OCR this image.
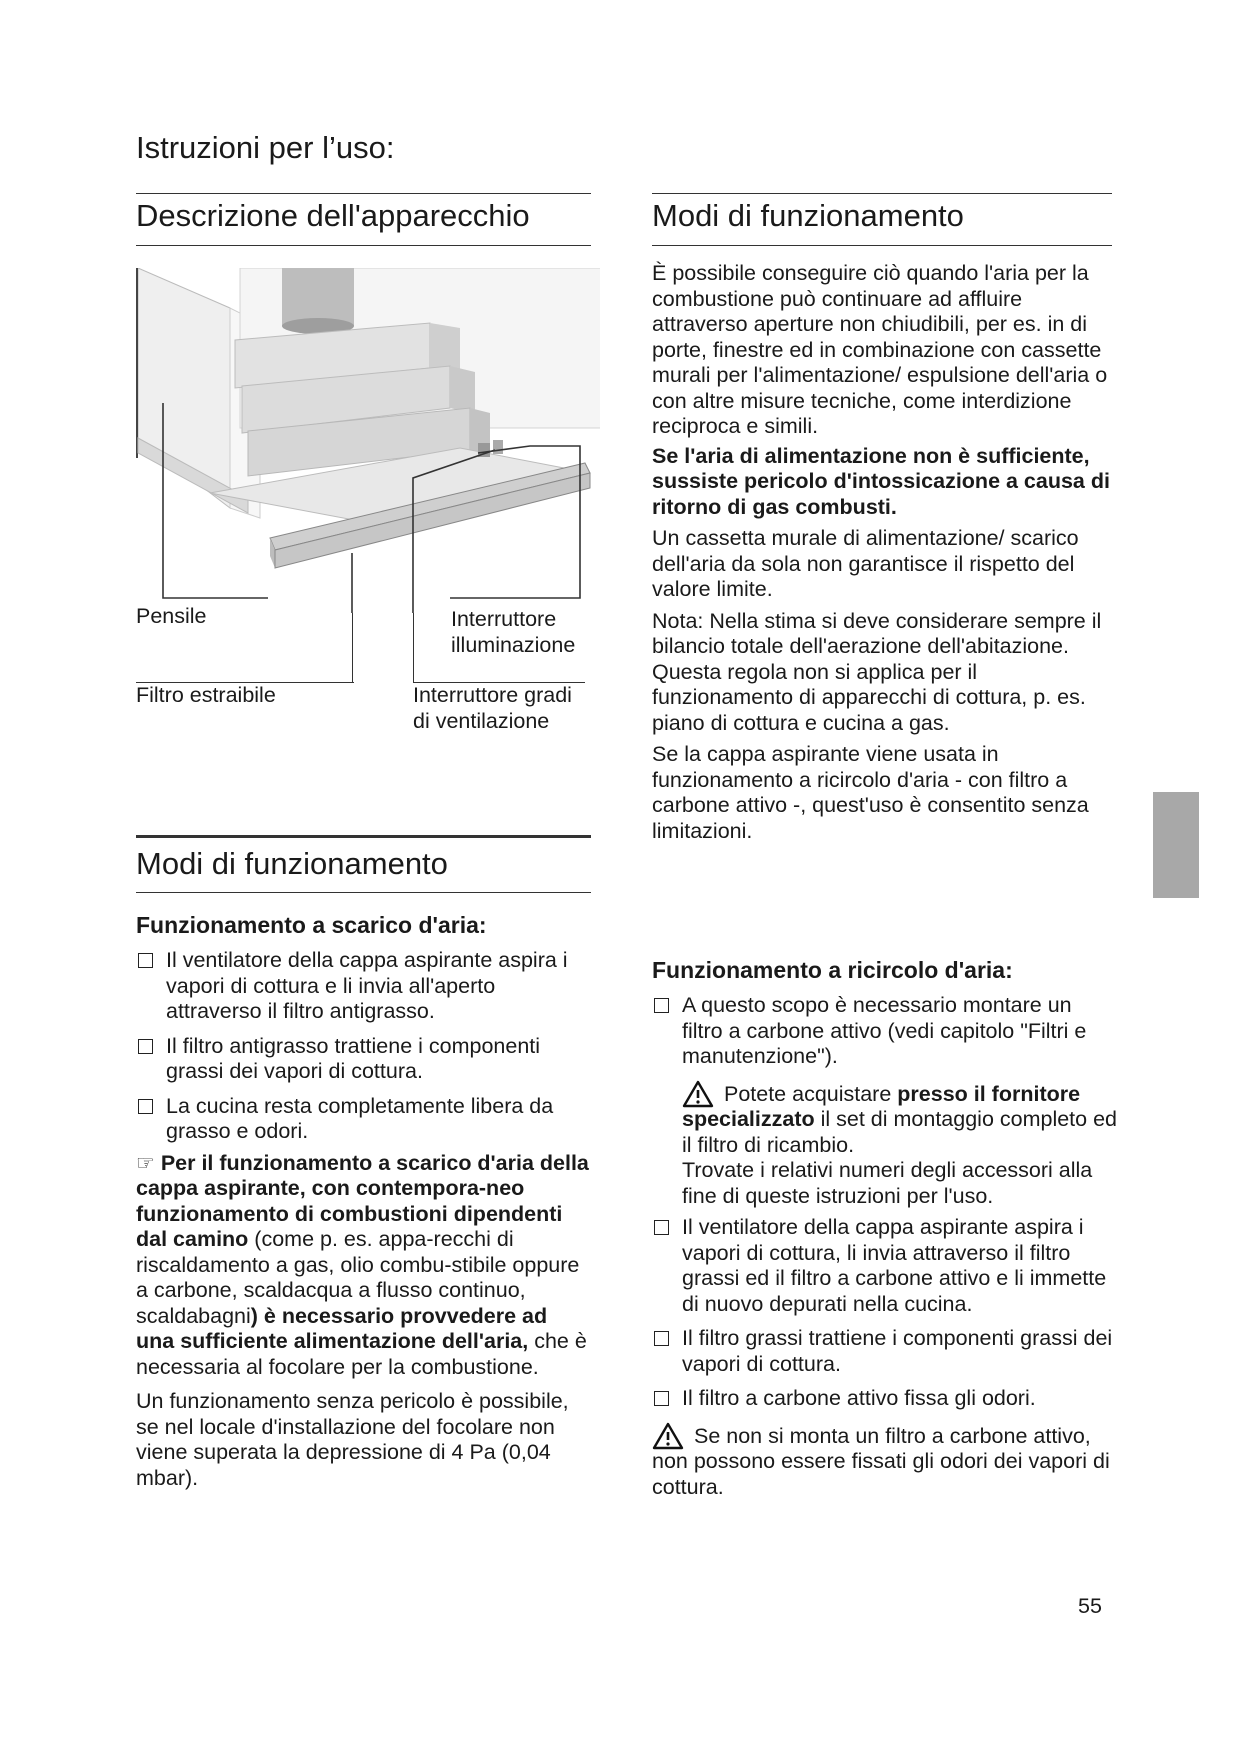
Istruzioni per l’uso:
Descrizione dell'apparecchio	Modi di funzionamento
Pensile	Interruttore
illuminazione
Filtro estraibile	Interruttore gradi
di ventilazione
Modi di funzionamento
Funzionamento a scarico d'aria:
Il ventilatore della cappa aspirante aspira i vapori di cottura e li invia all'aperto attraverso il filtro antigrasso.
Il filtro antigrasso trattiene i componenti grassi dei vapori di cottura.
La cucina resta completamente libera da grasso e odori.
☞ Per il funzionamento a scarico d'aria della cappa aspirante, con contempora-neo funzionamento di combustioni dipendenti dal camino (come p. es. appa-recchi di riscaldamento a gas, olio combu-stibile oppure a carbone, scaldacqua a flusso continuo, scaldabagni) è necessario provvedere ad una sufficiente alimentazione dell'aria, che è necessaria al focolare per la combustione.
Un funzionamento senza pericolo è possibile, se nel locale d'installazione del focolare non viene superata la depressione di 4 Pa (0,04 mbar).
È possibile conseguire ciò quando l'aria per la combustione può continuare ad affluire attraverso aperture non chiudibili, per es. in di porte, finestre ed in combinazione con cassette murali per l'alimentazione/ espulsione dell'aria o con altre misure tecniche, come interdizione reciproca e simili.
Se l'aria di alimentazione non è sufficiente, sussiste pericolo d'intossicazione a causa di ritorno di gas combusti.
Un cassetta murale di alimentazione/ scarico dell'aria da sola non garantisce il rispetto del valore limite.
Nota: Nella stima si deve considerare sempre il bilancio totale dell'aerazione dell'abitazione. Questa regola non si applica per il funzionamento di apparecchi di cottura, p. es. piano di cottura e cucina a gas.
Se la cappa aspirante viene usata in funzionamento a ricircolo d'aria - con filtro a carbone attivo -, quest'uso è consentito senza limitazioni.
Funzionamento a ricircolo d'aria:
A questo scopo è necessario montare un filtro a carbone attivo (vedi capitolo "Filtri e manutenzione").
Potete acquistare presso il fornitore specializzato il set di montaggio completo ed il filtro di ricambio.
Trovate i relativi numeri degli accessori alla fine di queste istruzioni per l'uso.
Il ventilatore della cappa aspirante aspira i vapori di cottura, li invia attraverso il filtro grassi ed il filtro a carbone attivo e li immette di nuovo depurati nella cucina.
Il filtro grassi trattiene i componenti grassi dei vapori di cottura.
Il filtro a carbone attivo fissa gli odori.
Se non si monta un filtro a carbone attivo, non possono essere fissati gli odori dei vapori di cottura.
55
